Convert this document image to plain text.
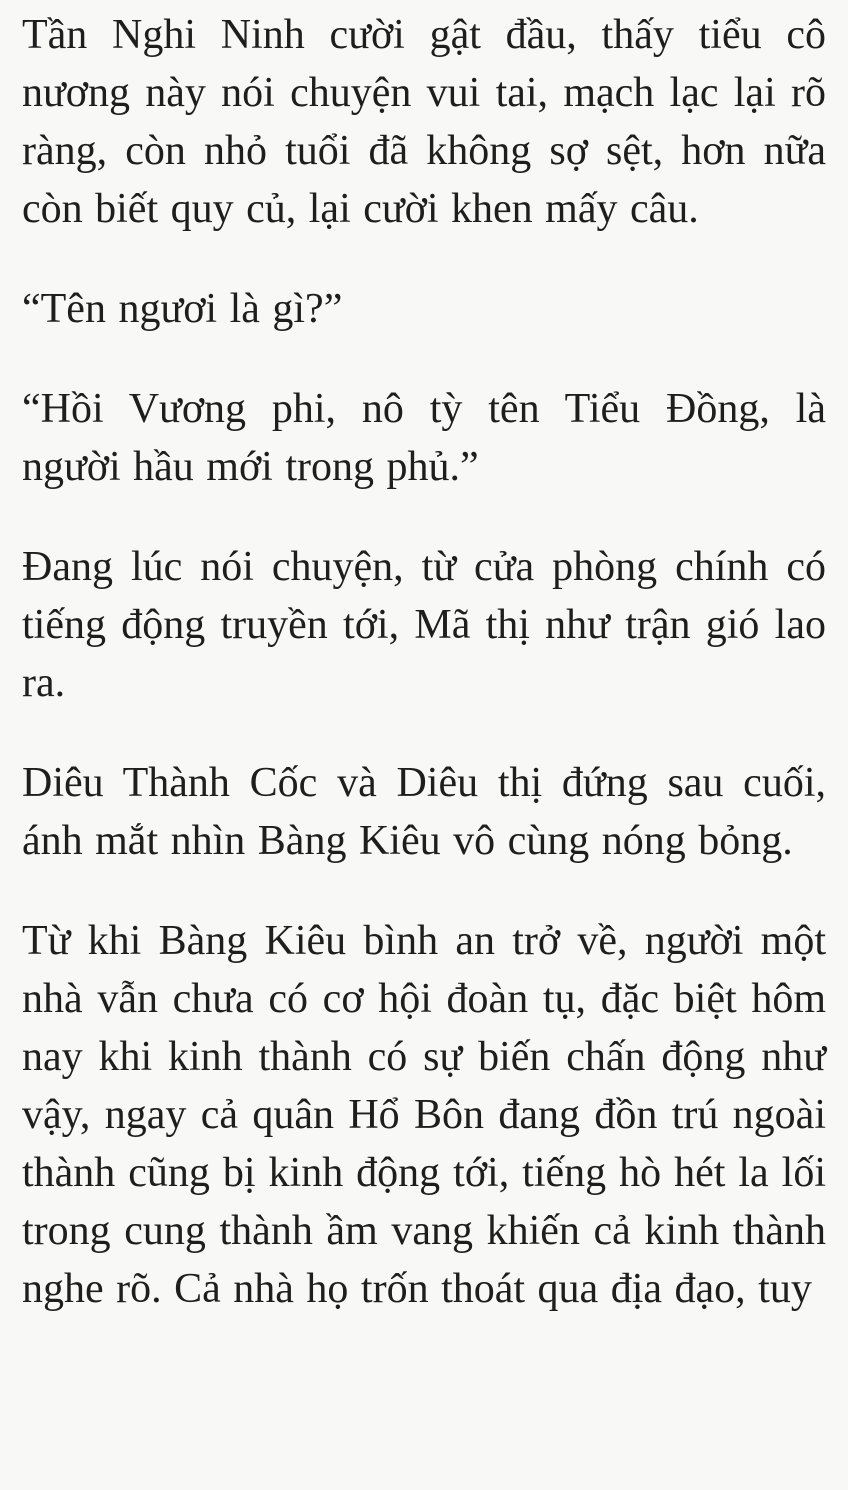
Tần Nghi Ninh cười gật đầu, thấy tiểu cô nương này nói chuyện vui tai, mạch lạc lại rõ ràng, còn nhỏ tuổi đã không sợ sệt, hơn nữa còn biết quy củ, lại cười khen mấy câu.

“Tên ngươi là gì?”

“Hồi Vương phi, nô tỳ tên Tiểu Đồng, là người hầu mới trong phủ.”

Đang lúc nói chuyện, từ cửa phòng chính có tiếng động truyền tới, Mã thị như trận gió lao ra.

Diêu Thành Cốc và Diêu thị đứng sau cuối, ánh mắt nhìn Bàng Kiêu vô cùng nóng bỏng.

Từ khi Bàng Kiêu bình an trở về, người một nhà vẫn chưa có cơ hội đoàn tụ, đặc biệt hôm nay khi kinh thành có sự biến chấn động như vậy, ngay cả quân Hổ Bôn đang đồn trú ngoài thành cũng bị kinh động tới, tiếng hò hét la lối trong cung thành ầm vang khiến cả kinh thành nghe rõ. Cả nhà họ trốn thoát qua địa đạo, tuy
